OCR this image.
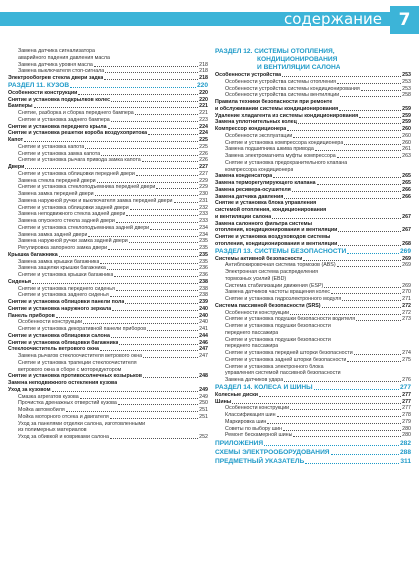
содержание 7
Замена датчика сигнализатора
аварийного падения давления масла
Замена датчика уровня масла	218
Замена выключателя стоп-сигнала	218
Электрообогрев стекла двери задка	218
РАЗДЕЛ 11. КУЗОВ	220
Особенности конструкции	220
Снятие и установка подкрылков колес	220
Бамперы	221
Снятие, разборка и сборка переднего бампера	221
Снятие и установка заднего бампера	223
Снятие и установка переднего крыла	224
Снятие и установка решетки короба воздухопритока	224
Капот	225
Снятие и установка капота	225
Снятие и установка замка капота	226
Снятие и установка рычага привода замка капота	226
Двери	227
Снятие и установка облицовки передней двери	227
Замена стекла передней двери	229
Снятие и установка стеклоподъемника передней двери	229
Замена замка передней двери	230
Замена наружной ручки и выключателя замка передней двери	231
Снятие и установка облицовки задней двери	232
Замена неподвижного стекла задней двери	233
Замена опускного стекла задней двери	233
Снятие и установка стеклоподъемника задней двери	234
Замена замка задней двери	234
Замена наружной ручки замка задней двери	235
Регулировка запорного замка двери	235
Крышка багажника	235
Замена замка крышки багажника	235
Замена защелки крышки багажника	236
Снятие и установка крышки багажника	236
Сиденья	238
Снятие и установка переднего сиденья	238
Снятие и установка заднего сиденья	238
Снятие и установка облицовки панели пола	239
Снятие и установка наружного зеркала	240
Панель приборов	240
Особенности конструкции	240
Снятие и установка декоративной панели приборов	241
Снятие и установка облицовки салона	244
Снятие и установка облицовки багажника	246
Стеклоочиститель ветрового окна	247
Замена рычагов стеклоочистителя ветрового окна	247
Снятие и установка трапеции стеклоочистителя
ветрового окна в сборе с моторедуктором
Снятие и установка противосолнечных козырьков	248
Замена неподвижного остекления кузова
Уход за кузовом	249
Смазка агрегатов кузова	249
Прочистка дренажных отверстий кузова	250
Мойка автомобиля	251
Мойка моторного отсека и двигателя	251
Уход за панелями отделки салона, изготовленными
из полимерных материалов
Уход за обивкой и ковриками салона	252
РАЗДЕЛ 12. СИСТЕМЫ ОТОПЛЕНИЯ,
КОНДИЦИОНИРОВАНИЯ
И ВЕНТИЛЯЦИИ САЛОНА
Особенности устройства	253
Особенности устройства системы отопления	253
Особенности устройства системы кондиционирования	253
Особенности устройства системы вентиляции	258
Правила техники безопасности при ремонте
и обслуживании системы кондиционирования	259
Удаление хладагента из системы кондиционирования	259
Замена уплотнительных колец	259
Компрессор кондиционера	260
Особенности эксплуатации	260
Снятие и установка компрессора кондиционера	260
Замена подшипника шкива привода	261
Замена электромагнита муфты компрессора	263
Снятие и установка предохранительного клапана
компрессора кондиционера
Замена конденсатора	265
Замена терморегулирующего клапана	265
Замена ресивера-осушителя	266
Замена датчика давления	266
Снятие и установка блока управления
системой отопления, кондиционирования
и вентиляции салона	267
Замена салонного фильтра системы
отопления, кондиционирования и вентиляции	267
Снятие и установка воздуховодов системы
отопления, кондиционирования и вентиляции	268
РАЗДЕЛ 13. СИСТЕМЫ БЕЗОПАСНОСТИ	269
Системы активной безопасности	269
Антиблокировочная система тормозов (ABS)	269
Электронная система распределения
тормозных усилий (EBD)
Система стабилизации движения (ESP)	269
Замена датчиков частоты вращения колес	270
Снятие и установка гидроэлектронного модуля	271
Система пассивной безопасности (SRS)	272
Особенности конструкции	272
Снятие и установка подушки безопасности водителя	273
Снятие и установка подушки безопасности
переднего пассажира
Снятие и установка подушки безопасности
переднего пассажира
Снятие и установка передней шторки безопасности	274
Снятие и установка задней шторки безопасности	275
Снятие и установка электронного блока
управления системой пассивной безопасности
Замена датчиков удара	276
РАЗДЕЛ 14. КОЛЕСА И ШИНЫ	277
Колесные диски	277
Шины	277
Особенности конструкции	277
Классификация шин	278
Маркировка шин	279
Советы по выбору шин	280
Ремонт бескамерной шины	280
ПРИЛОЖЕНИЯ	282
СХЕМЫ ЭЛЕКТРООБОРУДОВАНИЯ	288
ПРЕДМЕТНЫЙ УКАЗАТЕЛЬ	311
